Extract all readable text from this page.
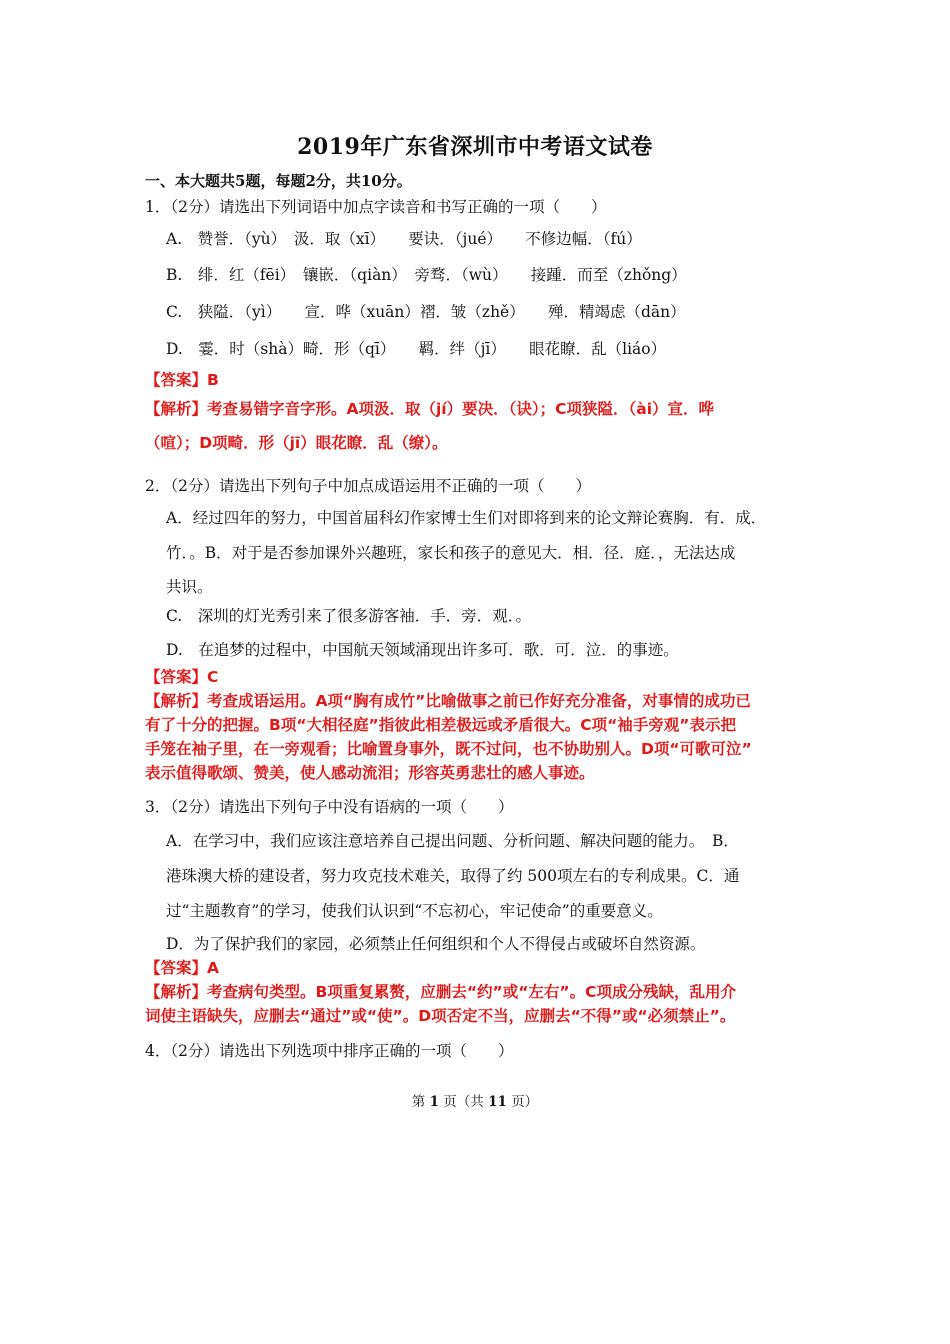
2019年广东省深圳市中考语文试卷
一、本大题共5题，每题2分，共10分。
1．（2分）请选出下列词语中加点字读音和书写正确的一项（　　）
A.　赞誉．（yù）　汲．取（xī）　　要诀．（jué）　　不修边幅．（fú）
B.　绯．红（fēi）　镶嵌．（qiàn）　旁骛．（wù）　　接踵．而至（zhǒng）
C.　狭隘．（yì）　　宣．哗（xuān）褶．皱（zhě）　　殚．精竭虑（dān）
D.　霎．时（shà）畸．形（qī）　　羁．绊（jī）　　眼花瞭．乱（liáo）
【答案】B
【解析】考查易错字音字形。A项汲．取（jí）要决．（诀）；C项狭隘．（ài）宣．哗
（喧）；D项畸．形（jī）眼花瞭．乱（缭）。
2．（2分）请选出下列句子中加点成语运用不正确的一项（　　）
A．经过四年的努力，中国首届科幻作家博士生们对即将到来的论文辩论赛胸．有．成．
竹．。B．对于是否参加课外兴趣班，家长和孩子的意见大．相．径．庭．，无法达成
共识。
C.　深圳的灯光秀引来了很多游客袖．手．旁．观．。
D.　在追梦的过程中，中国航天领域涌现出许多可．歌．可．泣．的事迹。
【答案】C
【解析】考查成语运用。A项“胸有成竹”比喻做事之前已作好充分准备，对事情的成功已
有了十分的把握。B项“大相径庭”指彼此相差极远或矛盾很大。C项“袖手旁观”表示把
手笼在袖子里，在一旁观看；比喻置身事外，既不过问，也不协助别人。D项“可歌可泣”
表示值得歌颂、赞美，使人感动流泪；形容英勇悲壮的感人事迹。
3．（2分）请选出下列句子中没有语病的一项（　　）
A．在学习中，我们应该注意培养自己提出问题、分析问题、解决问题的能力。　B．
港珠澳大桥的建设者，努力攻克技术难关，取得了约 500项左右的专利成果。C．通
过“主题教育”的学习，使我们认识到“不忘初心，牢记使命”的重要意义。
D．为了保护我们的家园，必须禁止任何组织和个人不得侵占或破坏自然资源。
【答案】A
【解析】考查病句类型。B项重复累赘，应删去“约”或“左右”。C项成分残缺，乱用介
词使主语缺失，应删去“通过”或“使”。D项否定不当，应删去“不得”或“必须禁止”。
4．（2分）请选出下列选项中排序正确的一项（　　）
第 1 页（共 11 页）
